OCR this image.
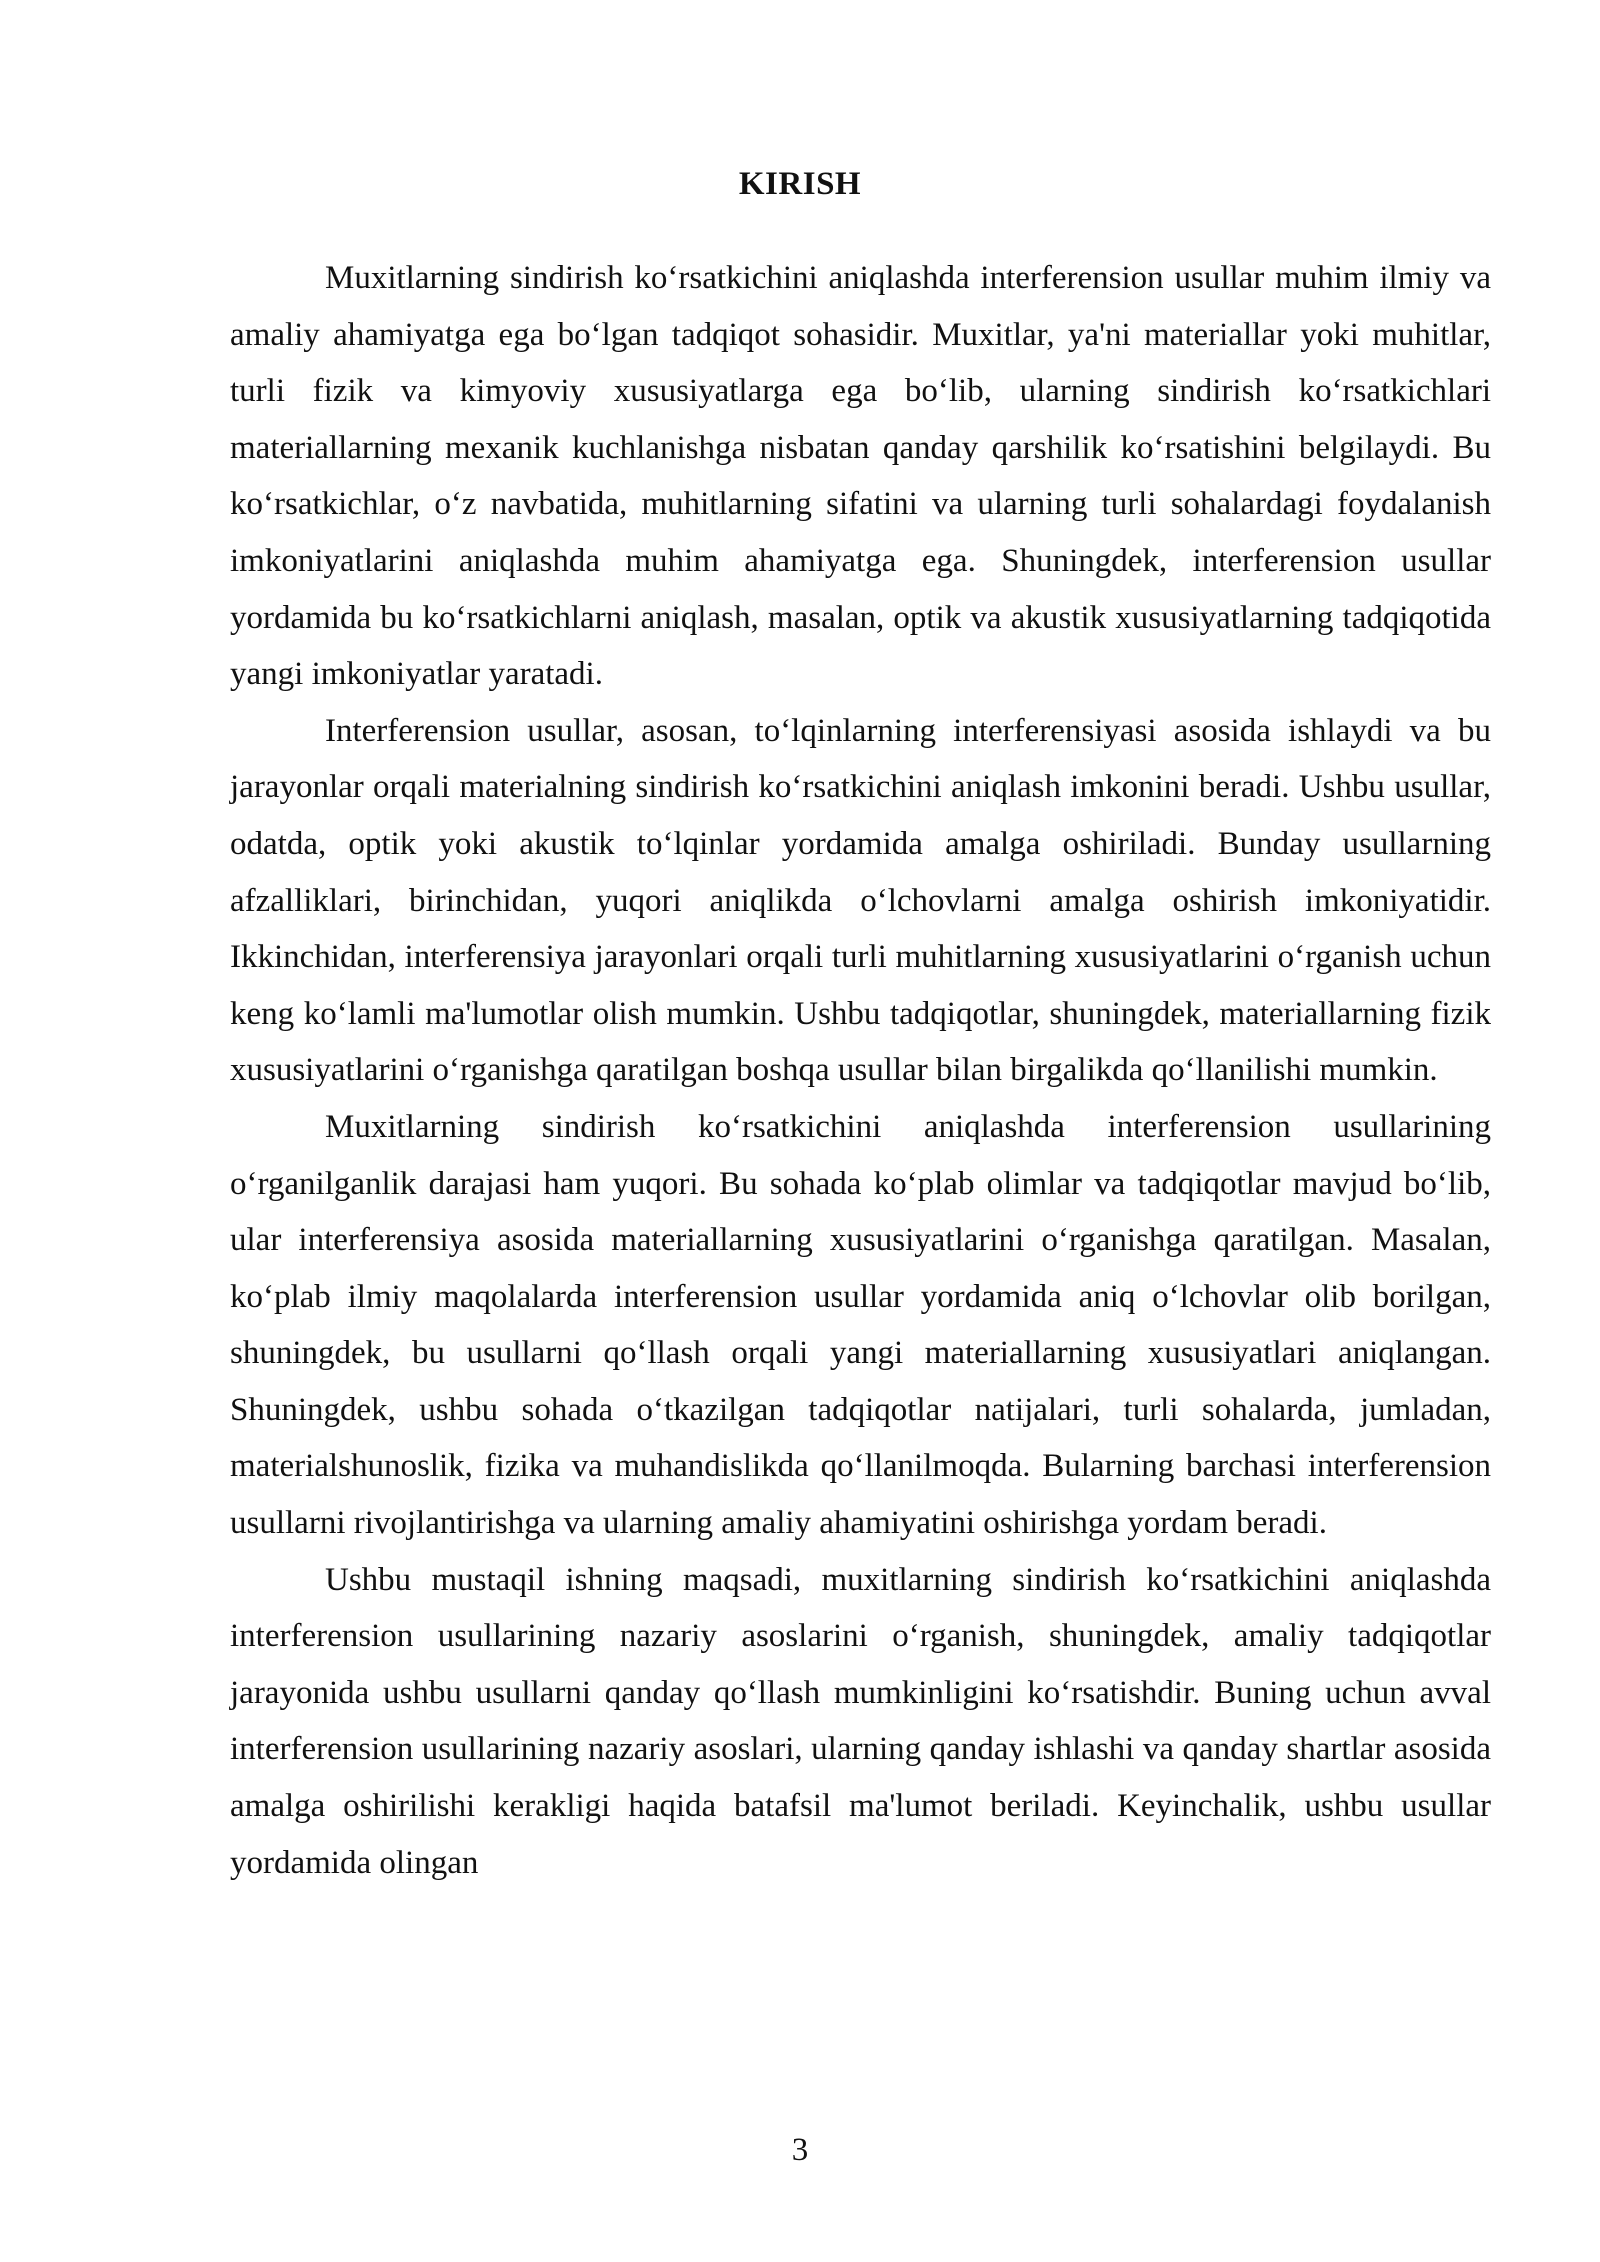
KIRISH

Muxitlarning sindirish ko‘rsatkichini aniqlashda interferension usullar muhim ilmiy va amaliy ahamiyatga ega bo‘lgan tadqiqot sohasidir. Muxitlar, ya'ni materiallar yoki muhitlar, turli fizik va kimyoviy xususiyatlarga ega bo‘lib, ularning sindirish ko‘rsatkichlari materiallarning mexanik kuchlanishga nisbatan qanday qarshilik ko‘rsatishini belgilaydi. Bu ko‘rsatkichlar, o‘z navbatida, muhitlarning sifatini va ularning turli sohalardagi foydalanish imkoniyatlarini aniqlashda muhim ahamiyatga ega. Shuningdek, interferension usullar yordamida bu ko‘rsatkichlarni aniqlash, masalan, optik va akustik xususiyatlarning tadqiqotida yangi imkoniyatlar yaratadi.

Interferension usullar, asosan, to‘lqinlarning interferensiyasi asosida ishlaydi va bu jarayonlar orqali materialning sindirish ko‘rsatkichini aniqlash imkonini beradi. Ushbu usullar, odatda, optik yoki akustik to‘lqinlar yordamida amalga oshiriladi. Bunday usullarning afzalliklari, birinchidan, yuqori aniqlikda o‘lchovlarni amalga oshirish imkoniyatidir. Ikkinchidan, interferensiya jarayonlari orqali turli muhitlarning xususiyatlarini o‘rganish uchun keng ko‘lamli ma'lumotlar olish mumkin. Ushbu tadqiqotlar, shuningdek, materiallarning fizik xususiyatlarini o‘rganishga qaratilgan boshqa usullar bilan birgalikda qo‘llanilishi mumkin.

Muxitlarning sindirish ko‘rsatkichini aniqlashda interferension usullarining o‘rganilganlik darajasi ham yuqori. Bu sohada ko‘plab olimlar va tadqiqotlar mavjud bo‘lib, ular interferensiya asosida materiallarning xususiyatlarini o‘rganishga qaratilgan. Masalan, ko‘plab ilmiy maqolalarda interferension usullar yordamida aniq o‘lchovlar olib borilgan, shuningdek, bu usullarni qo‘llash orqali yangi materiallarning xususiyatlari aniqlangan. Shuningdek, ushbu sohada o‘tkazilgan tadqiqotlar natijalari, turli sohalarda, jumladan, materialshunoslik, fizika va muhandislikda qo‘llanilmoqda. Bularning barchasi interferension usullarni rivojlantirishga va ularning amaliy ahamiyatini oshirishga yordam beradi.

Ushbu mustaqil ishning maqsadi, muxitlarning sindirish ko‘rsatkichini aniqlashda interferension usullarining nazariy asoslarini o‘rganish, shuningdek, amaliy tadqiqotlar jarayonida ushbu usullarni qanday qo‘llash mumkinligini ko‘rsatishdir. Buning uchun avval interferension usullarining nazariy asoslari, ularning qanday ishlashi va qanday shartlar asosida amalga oshirilishi kerakligi haqida batafsil ma'lumot beriladi. Keyinchalik, ushbu usullar yordamida olingan

3
